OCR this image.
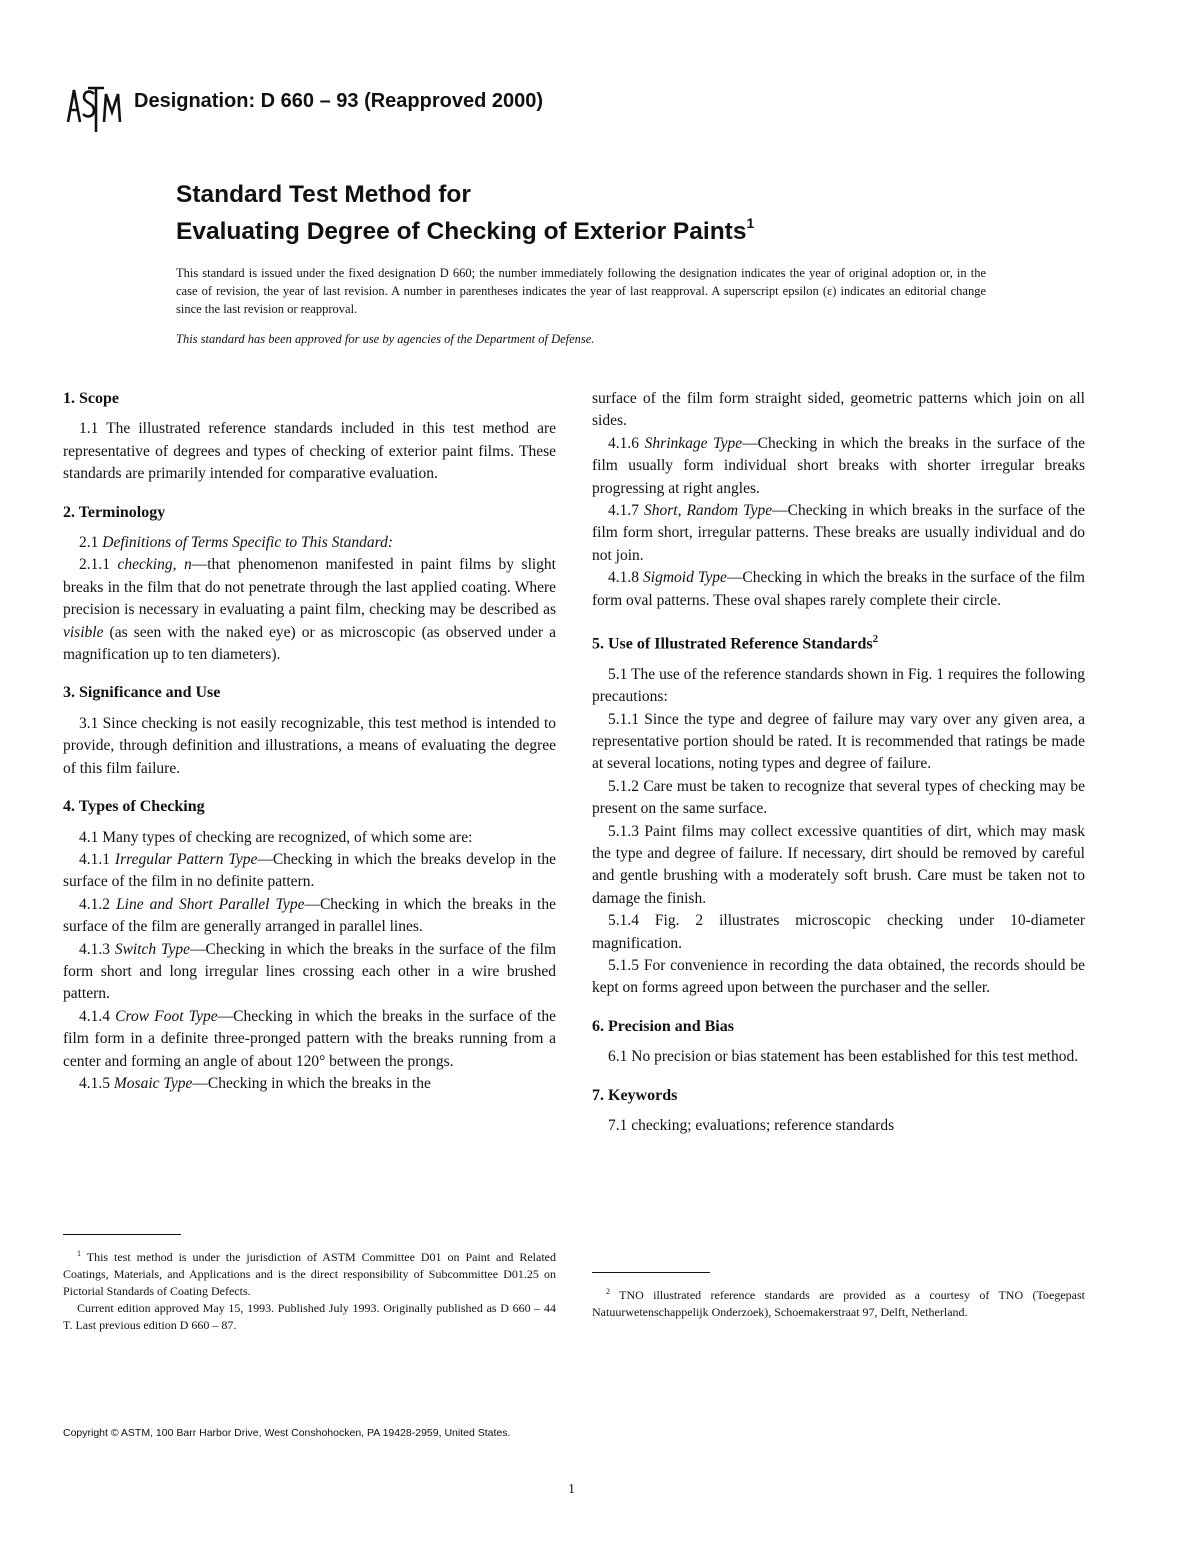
Designation: D 660 – 93 (Reapproved 2000)
Standard Test Method for
Evaluating Degree of Checking of Exterior Paints$^1$
This standard is issued under the fixed designation D 660; the number immediately following the designation indicates the year of original adoption or, in the case of revision, the year of last revision. A number in parentheses indicates the year of last reapproval. A superscript epsilon (ε) indicates an editorial change since the last revision or reapproval.
This standard has been approved for use by agencies of the Department of Defense.
1. Scope

1.1 The illustrated reference standards included in this test method are representative of degrees and types of checking of exterior paint films. These standards are primarily intended for comparative evaluation.

2. Terminology

2.1 Definitions of Terms Specific to This Standard:

2.1.1 checking, n—that phenomenon manifested in paint films by slight breaks in the film that do not penetrate through the last applied coating. Where precision is necessary in evaluating a paint film, checking may be described as visible (as seen with the naked eye) or as microscopic (as observed under a magnification up to ten diameters).

3. Significance and Use

3.1 Since checking is not easily recognizable, this test method is intended to provide, through definition and illustrations, a means of evaluating the degree of this film failure.

4. Types of Checking

4.1 Many types of checking are recognized, of which some are:

4.1.1 Irregular Pattern Type—Checking in which the breaks develop in the surface of the film in no definite pattern.

4.1.2 Line and Short Parallel Type—Checking in which the breaks in the surface of the film are generally arranged in parallel lines.

4.1.3 Switch Type—Checking in which the breaks in the surface of the film form short and long irregular lines crossing each other in a wire brushed pattern.

4.1.4 Crow Foot Type—Checking in which the breaks in the surface of the film form in a definite three-pronged pattern with the breaks running from a center and forming an angle of about 120° between the prongs.

4.1.5 Mosaic Type—Checking in which the breaks in the

$^1$ This test method is under the jurisdiction of ASTM Committee D01 on Paint and Related Coatings, Materials, and Applications and is the direct responsibility of Subcommittee D01.25 on Pictorial Standards of Coating Defects.

Current edition approved May 15, 1993. Published July 1993. Originally published as D 660 – 44 T. Last previous edition D 660 – 87.

surface of the film form straight sided, geometric patterns which join on all sides.

4.1.6 Shrinkage Type—Checking in which the breaks in the surface of the film usually form individual short breaks with shorter irregular breaks progressing at right angles.

4.1.7 Short, Random Type—Checking in which breaks in the surface of the film form short, irregular patterns. These breaks are usually individual and do not join.

4.1.8 Sigmoid Type—Checking in which the breaks in the surface of the film form oval patterns. These oval shapes rarely complete their circle.

5. Use of Illustrated Reference Standards$^2$

5.1 The use of the reference standards shown in Fig. 1 requires the following precautions:

5.1.1 Since the type and degree of failure may vary over any given area, a representative portion should be rated. It is recommended that ratings be made at several locations, noting types and degree of failure.

5.1.2 Care must be taken to recognize that several types of checking may be present on the same surface.

5.1.3 Paint films may collect excessive quantities of dirt, which may mask the type and degree of failure. If necessary, dirt should be removed by careful and gentle brushing with a moderately soft brush. Care must be taken not to damage the finish.

5.1.4 Fig. 2 illustrates microscopic checking under 10-diameter magnification.

5.1.5 For convenience in recording the data obtained, the records should be kept on forms agreed upon between the purchaser and the seller.

6. Precision and Bias

6.1 No precision or bias statement has been established for this test method.

7. Keywords

7.1 checking; evaluations; reference standards

$^2$ TNO illustrated reference standards are provided as a courtesy of TNO (Toegepast Natuurwetenschappelijk Onderzoek), Schoemakerstraat 97, Delft, Netherland.

Copyright © ASTM, 100 Barr Harbor Drive, West Conshohocken, PA 19428-2959, United States.
1
